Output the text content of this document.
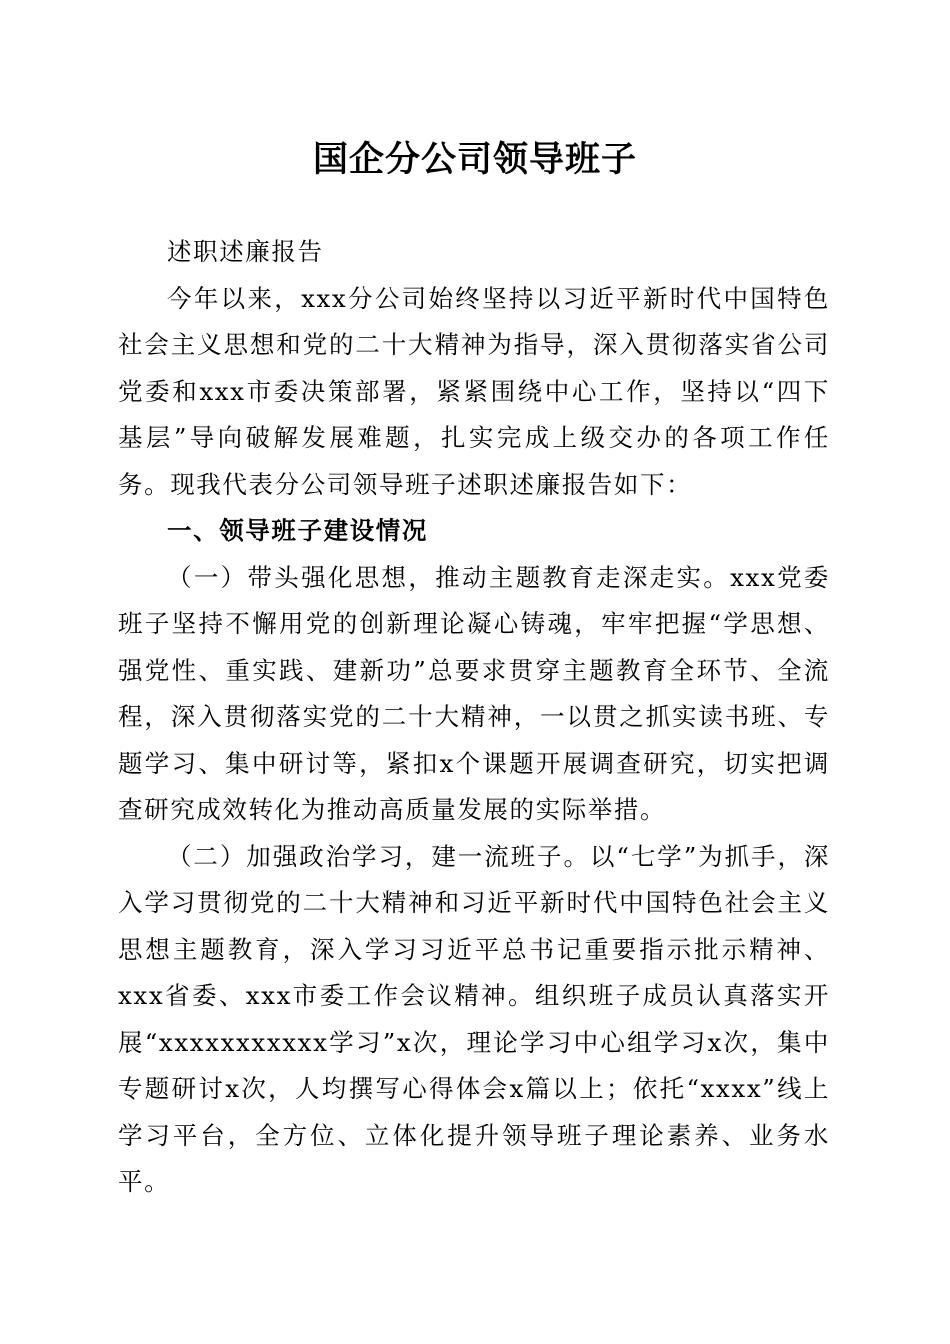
国企分公司领导班子

述职述廉报告

今年以来，xxx分公司始终坚持以习近平新时代中国特色社会主义思想和党的二十大精神为指导，深入贯彻落实省公司党委和xxx市委决策部署，紧紧围绕中心工作，坚持以“四下基层”导向破解发展难题，扎实完成上级交办的各项工作任务。现我代表分公司领导班子述职述廉报告如下：

一、领导班子建设情况

（一）带头强化思想，推动主题教育走深走实。xxx党委班子坚持不懈用党的创新理论凝心铸魂，牢牢把握“学思想、强党性、重实践、建新功”总要求贯穿主题教育全环节、全流程，深入贯彻落实党的二十大精神，一以贯之抓实读书班、专题学习、集中研讨等，紧扣x个课题开展调查研究，切实把调查研究成效转化为推动高质量发展的实际举措。

（二）加强政治学习，建一流班子。以“七学”为抓手，深入学习贯彻党的二十大精神和习近平新时代中国特色社会主义思想主题教育，深入学习习近平总书记重要指示批示精神、xxx省委、xxx市委工作会议精神。组织班子成员认真落实开展“xxxxxxxxxxx学习”x次，理论学习中心组学习x次，集中专题研讨x次，人均撰写心得体会x篇以上；依托“xxxx”线上学习平台，全方位、立体化提升领导班子理论素养、业务水平。
